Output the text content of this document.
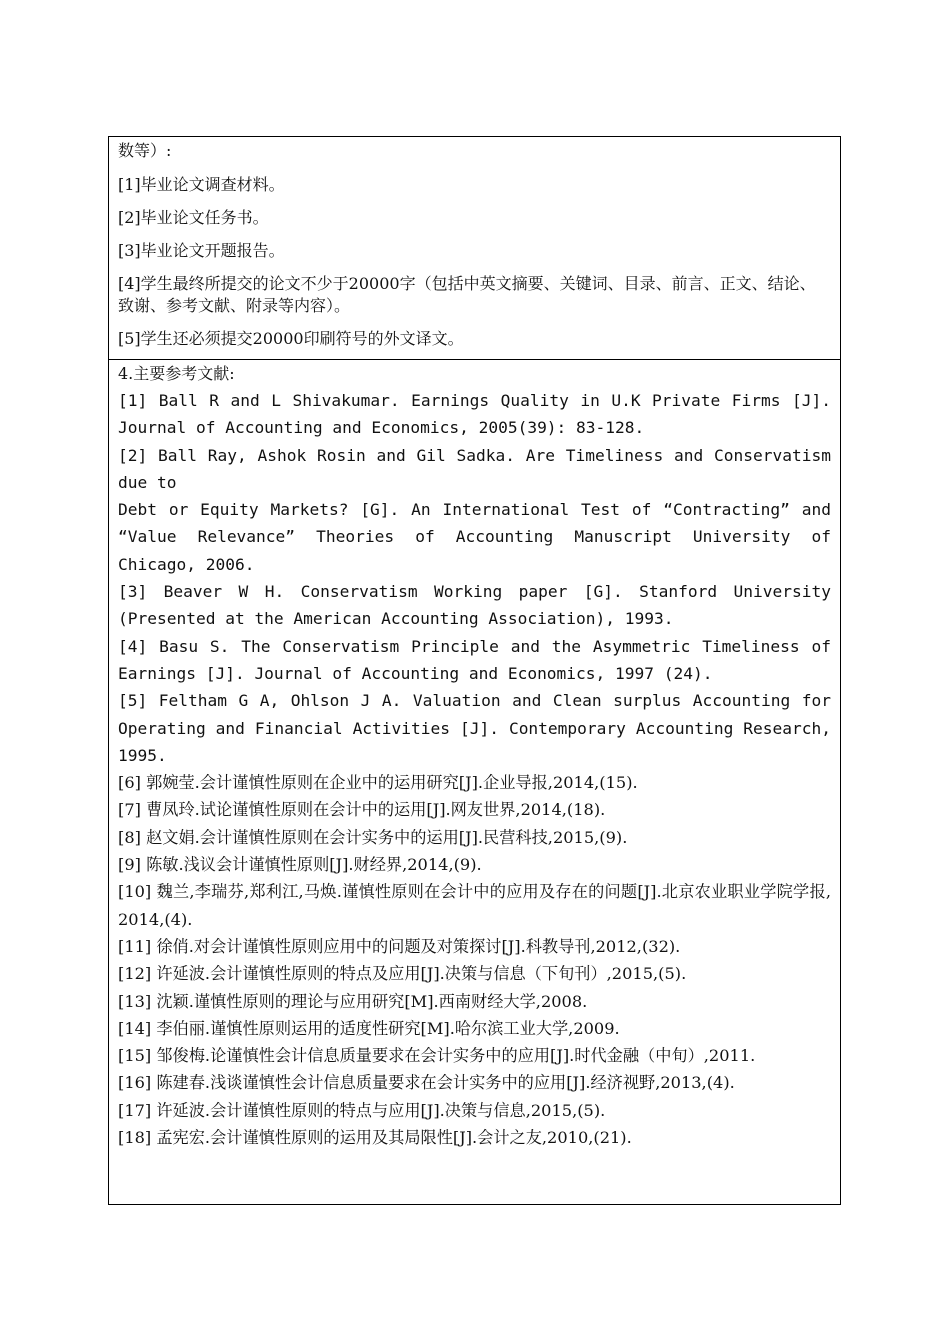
数等）:

[1]毕业论文调查材料。

[2]毕业论文任务书。

[3]毕业论文开题报告。

[4]学生最终所提交的论文不少于20000字（包括中英文摘要、关键词、目录、前言、正文、结论、致谢、参考文献、附录等内容）。

[5]学生还必须提交20000印刷符号的外文译文。

4.主要参考文献:

[1] Ball R and L Shivakumar. Earnings Quality in U.K Private Firms [J]. Journal of Accounting and Economics, 2005(39): 83-128.

[2] Ball Ray, Ashok Rosin and Gil Sadka. Are Timeliness and Conservatism due to

Debt or Equity Markets? [G]. An International Test of “Contracting” and “Value Relevance” Theories of Accounting Manuscript University of Chicago, 2006.

[3] Beaver W H. Conservatism Working paper [G]. Stanford University (Presented at the American Accounting Association), 1993.

[4] Basu S. The Conservatism Principle and the Asymmetric Timeliness of Earnings [J]. Journal of Accounting and Economics, 1997 (24).

[5] Feltham G A, Ohlson J A. Valuation and Clean surplus Accounting for Operating and Financial Activities [J]. Contemporary Accounting Research, 1995.

[6] 郭婉莹.会计谨慎性原则在企业中的运用研究[J].企业导报,2014,(15).

[7] 曹凤玲.试论谨慎性原则在会计中的运用[J].网友世界,2014,(18).

[8] 赵文娟.会计谨慎性原则在会计实务中的运用[J].民营科技,2015,(9).

[9] 陈敏.浅议会计谨慎性原则[J].财经界,2014,(9).

[10] 魏兰,李瑞芬,郑利江,马焕.谨慎性原则在会计中的应用及存在的问题[J].北京农业职业学院学报, 2014,(4).

[11] 徐俏.对会计谨慎性原则应用中的问题及对策探讨[J].科教导刊,2012,(32).

[12] 许延波.会计谨慎性原则的特点及应用[J].决策与信息（下旬刊）,2015,(5).

[13] 沈颖.谨慎性原则的理论与应用研究[M].西南财经大学,2008.

[14] 李伯丽.谨慎性原则运用的适度性研究[M].哈尔滨工业大学,2009.

[15] 邹俊梅.论谨慎性会计信息质量要求在会计实务中的应用[J].时代金融（中旬）,2011.

[16] 陈建春.浅谈谨慎性会计信息质量要求在会计实务中的应用[J].经济视野,2013,(4).

[17] 许延波.会计谨慎性原则的特点与应用[J].决策与信息,2015,(5).

[18] 孟宪宏.会计谨慎性原则的运用及其局限性[J].会计之友,2010,(21).
